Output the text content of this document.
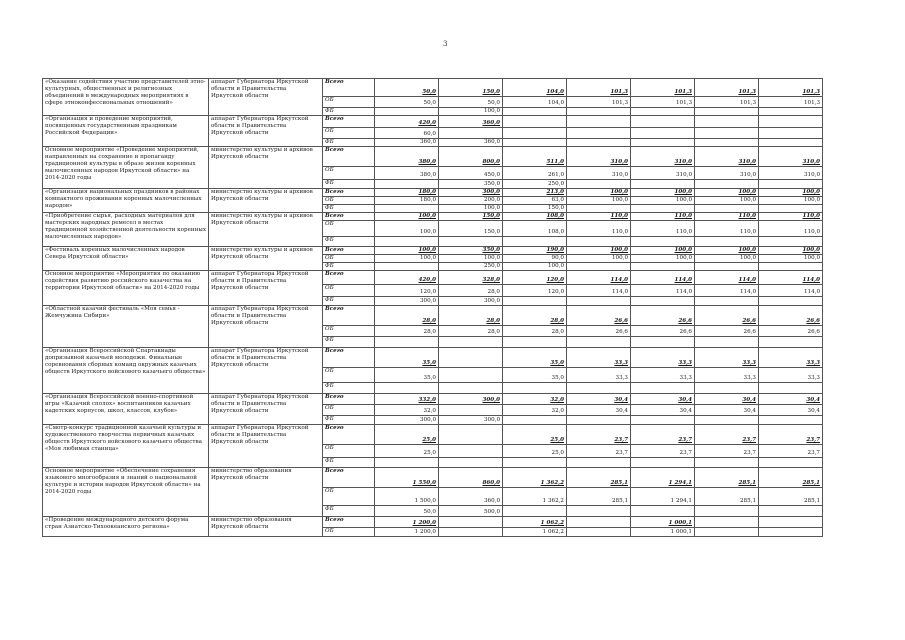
3
«Оказание содействия участию представителей этно-культурных, общественных и религиозных объединений в международных мероприятиях в сфере этноконфессиональных отношений»	аппарат Губернатора Иркутской области и Правительства Иркутской области	Всего	50,0	150,0	104,0	101,3	101,3	101,3	101,3
		ОБ	50,0	50,0	104,0	101,3	101,3	101,3	101,3
		ФБ		100,0					
«Организация и проведение мероприятий, посвященных государственным праздникам Российской Федерации»	аппарат Губернатора Иркутской области и Правительства Иркутской области	Всего	420,0	360,0					
		ОБ	60,0						
		ФБ	360,0	360,0					
Основное мероприятие «Проведение мероприятий, направленных на сохранение и пропаганду традиционной культуры в образе жизни коренных малочисленных народов Иркутской области» на 2014-2020 годы	министерство культуры и архивов Иркутской области	Всего	380,0	800,0	511,0	310,0	310,0	310,0	310,0
		ОБ	380,0	450,0	261,0	310,0	310,0	310,0	310,0
		ФБ		350,0	250,0				
«Организация национальных праздников в районах компактного проживания коренных малочисленных народов»	министерство культуры и архивов Иркутской области	Всего	180,0	300,0	213,0	100,0	100,0	100,0	100,0
		ОБ	180,0	200,0	63,0	100,0	100,0	100,0	100,0
		ФБ		100,0	150,0				
«Приобретение сырья, расходных материалов для мастерских народных ремесел в местах традиционной хозяйственной деятельности коренных малочисленных народов»	министерство культуры и архивов Иркутской области	Всего	100,0	150,0	108,0	110,0	110,0	110,0	110,0
		ОБ	100,0	150,0	108,0	110,0	110,0	110,0	110,0
		ФБ							
«Фестиваль коренных малочисленных народов Севера Иркутской области»	министерство культуры и архивов Иркутской области	Всего	100,0	350,0	190,0	100,0	100,0	100,0	100,0
		ОБ	100,0	100,0	90,0	100,0	100,0	100,0	100,0
		ФБ		250,0	100,0				
Основное мероприятие «Мероприятия по оказанию содействия развитию российского казачества на территории Иркутской области» на 2014-2020 годы	аппарат Губернатора Иркутской области и Правительства Иркутской области	Всего	420,0	328,0	120,0	114,0	114,0	114,0	114,0
		ОБ	120,0	28,0	120,0	114,0	114,0	114,0	114,0
		ФБ	300,0	300,0					
«Областной казачий фестиваль «Моя семья - Жемчужина Сибири»	аппарат Губернатора Иркутской области и Правительства Иркутской области	Всего	28,0	28,0	28,0	26,6	26,6	26,6	26,6
		ОБ	28,0	28,0	28,0	26,6	26,6	26,6	26,6
		ФБ							
«Организация Всероссийской Спартакиады допризывной казачьей молодежи. Финальные соревнования сборных команд окружных казачьих обществ Иркутского войскового казачьего общества»	аппарат Губернатора Иркутской области и Правительства Иркутской области	Всего	35,0		35,0	33,3	33,3	33,3	33,3
		ОБ	35,0		35,0	33,3	33,3	33,3	33,3
		ФБ							
«Организация Всероссийской военно-спортивной игры «Казачий сполох» воспитанников казачьих кадетских корпусов, школ, классов, клубов»	аппарат Губернатора Иркутской области и Правительства Иркутской области	Всего	332,0	300,0	32,0	30,4	30,4	30,4	30,4
		ОБ	32,0		32,0	30,4	30,4	30,4	30,4
		ФБ	300,0	300,0					
«Смотр-конкурс традиционной казачьей культуры и художественного творчества первичных казачьих обществ Иркутского войскового казачьего общества «Моя любимая станица»	аппарат Губернатора Иркутской области и Правительства Иркутской области	Всего	25,0		25,0	23,7	23,7	23,7	23,7
		ОБ	25,0		25,0	23,7	23,7	23,7	23,7
		ФБ							
Основное мероприятие «Обеспечение сохранения языкового многообразия и знаний о национальной культуре и истории народов Иркутской области» на 2014-2020 годы	министерство образования Иркутской области	Всего	1 550,0	860,0	1 362,2	285,1	1 294,1	285,1	285,1
		ОБ	1 500,0	360,0	1 362,2	285,1	1 294,1	285,1	285,1
		ФБ	50,0	500,0					
«Проведение международного детского форума стран Азиатско-Тихоокеанского региона»	министерство образования Иркутской области	Всего	1 200,0		1 062,2		1 000,1		
		ОБ	1 200,0		1 062,2		1 000,1		
